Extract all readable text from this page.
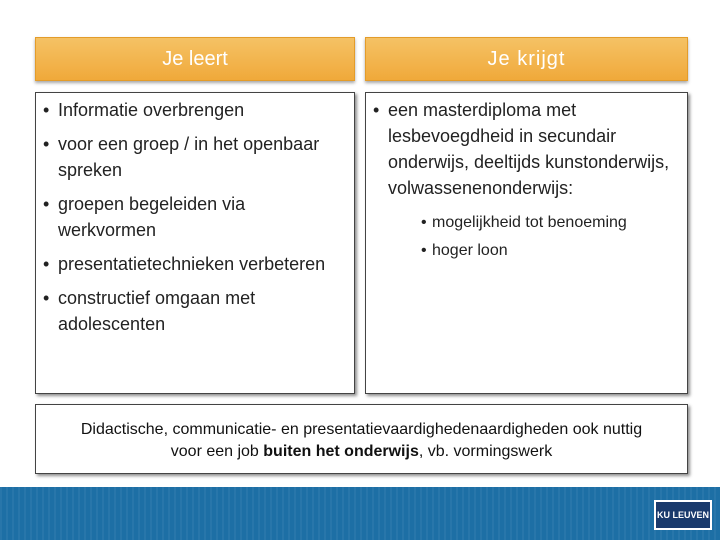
Je leert	Je krijgt
• Informatie overbrengen
• voor een groep / in het openbaar spreken
• groepen begeleiden via werkvormen
• presentatietechnieken verbeteren
• constructief omgaan met adolescenten
• een masterdiploma met lesbevoegdheid in secundair onderwijs, deeltijds kunstonderwijs, volwassenenonderwijs:
• mogelijkheid tot benoeming
• hoger loon
Didactische, communicatie- en presentatievaardighedenaardigheden ook nuttig
voor een job buiten het onderwijs, vb. vormingswerk
KU LEUVEN
